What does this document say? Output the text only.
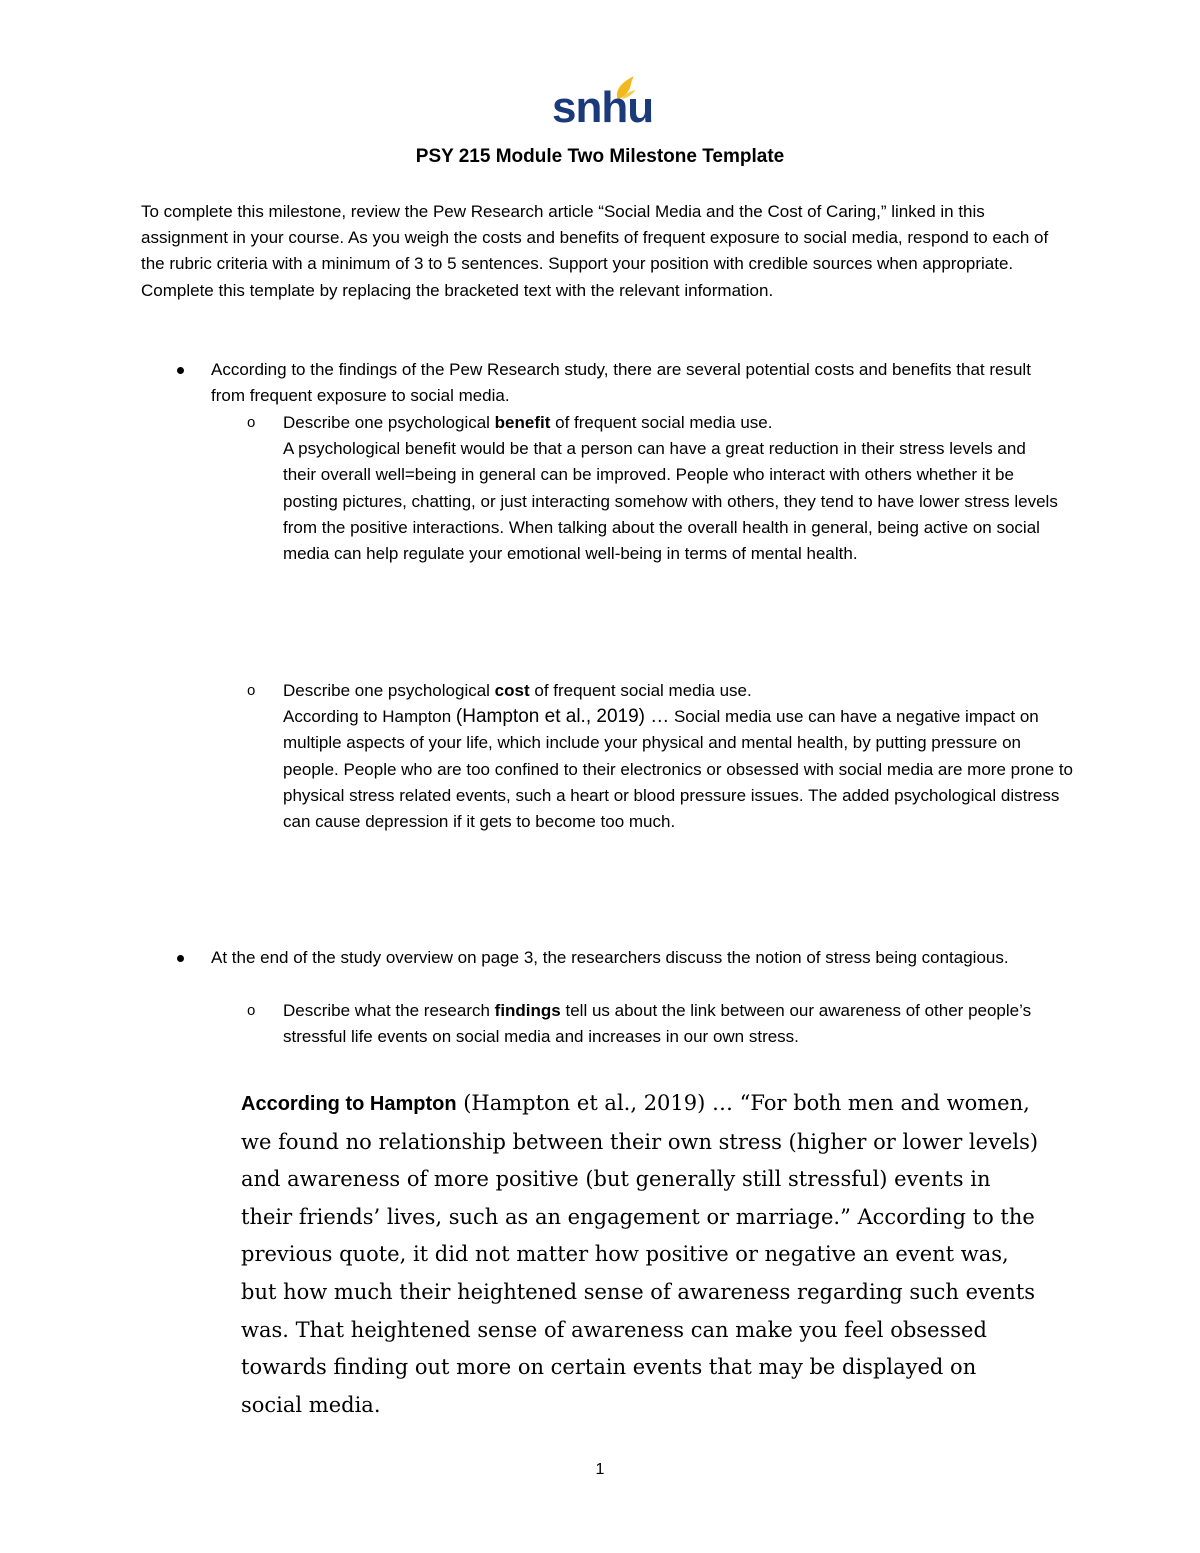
snhu
PSY 215 Module Two Milestone Template
To complete this milestone, review the Pew Research article “Social Media and the Cost of Caring,” linked in this assignment in your course. As you weigh the costs and benefits of frequent exposure to social media, respond to each of the rubric criteria with a minimum of 3 to 5 sentences. Support your position with credible sources when appropriate. Complete this template by replacing the bracketed text with the relevant information.
According to the findings of the Pew Research study, there are several potential costs and benefits that result from frequent exposure to social media.
o Describe one psychological benefit of frequent social media use.
A psychological benefit would be that a person can have a great reduction in their stress levels and their overall well=being in general can be improved. People who interact with others whether it be posting pictures, chatting, or just interacting somehow with others, they tend to have lower stress levels from the positive interactions. When talking about the overall health in general, being active on social media can help regulate your emotional well-being in terms of mental health.
o Describe one psychological cost of frequent social media use.
According to Hampton (Hampton et al., 2019) … Social media use can have a negative impact on multiple aspects of your life, which include your physical and mental health, by putting pressure on people. People who are too confined to their electronics or obsessed with social media are more prone to physical stress related events, such a heart or blood pressure issues. The added psychological distress can cause depression if it gets to become too much.
At the end of the study overview on page 3, the researchers discuss the notion of stress being contagious.
o Describe what the research findings tell us about the link between our awareness of other people’s stressful life events on social media and increases in our own stress.
According to Hampton (Hampton et al., 2019) … “For both men and women, we found no relationship between their own stress (higher or lower levels) and awareness of more positive (but generally still stressful) events in their friends’ lives, such as an engagement or marriage.” According to the previous quote, it did not matter how positive or negative an event was, but how much their heightened sense of awareness regarding such events was. That heightened sense of awareness can make you feel obsessed towards finding out more on certain events that may be displayed on social media.
1
